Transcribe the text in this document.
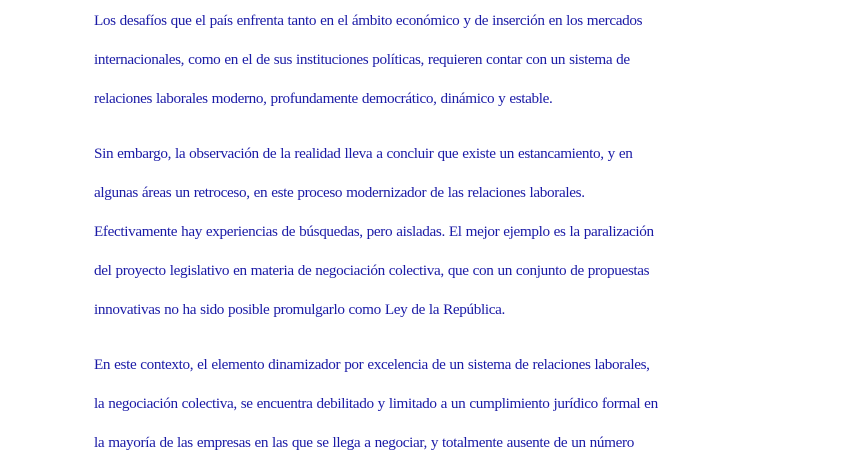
Los desafíos que el país enfrenta tanto en el ámbito económico y de inserción en los mercados
internacionales, como en el de sus instituciones políticas, requieren contar con un sistema de
relaciones laborales moderno, profundamente democrático, dinámico y estable.

Sin embargo, la observación de la realidad lleva a concluir que existe un estancamiento, y en
algunas áreas un retroceso, en este proceso modernizador de las relaciones laborales.
Efectivamente hay experiencias de búsquedas, pero aisladas. El mejor ejemplo es la paralización
del proyecto legislativo en materia de negociación colectiva, que con un conjunto de propuestas
innovativas no ha sido posible promulgarlo como Ley de la República.

En este contexto, el elemento dinamizador por excelencia de un sistema de relaciones laborales,
la negociación colectiva, se encuentra debilitado y limitado a un cumplimiento jurídico formal en
la mayoría de las empresas en las que se llega a negociar, y totalmente ausente de un número
